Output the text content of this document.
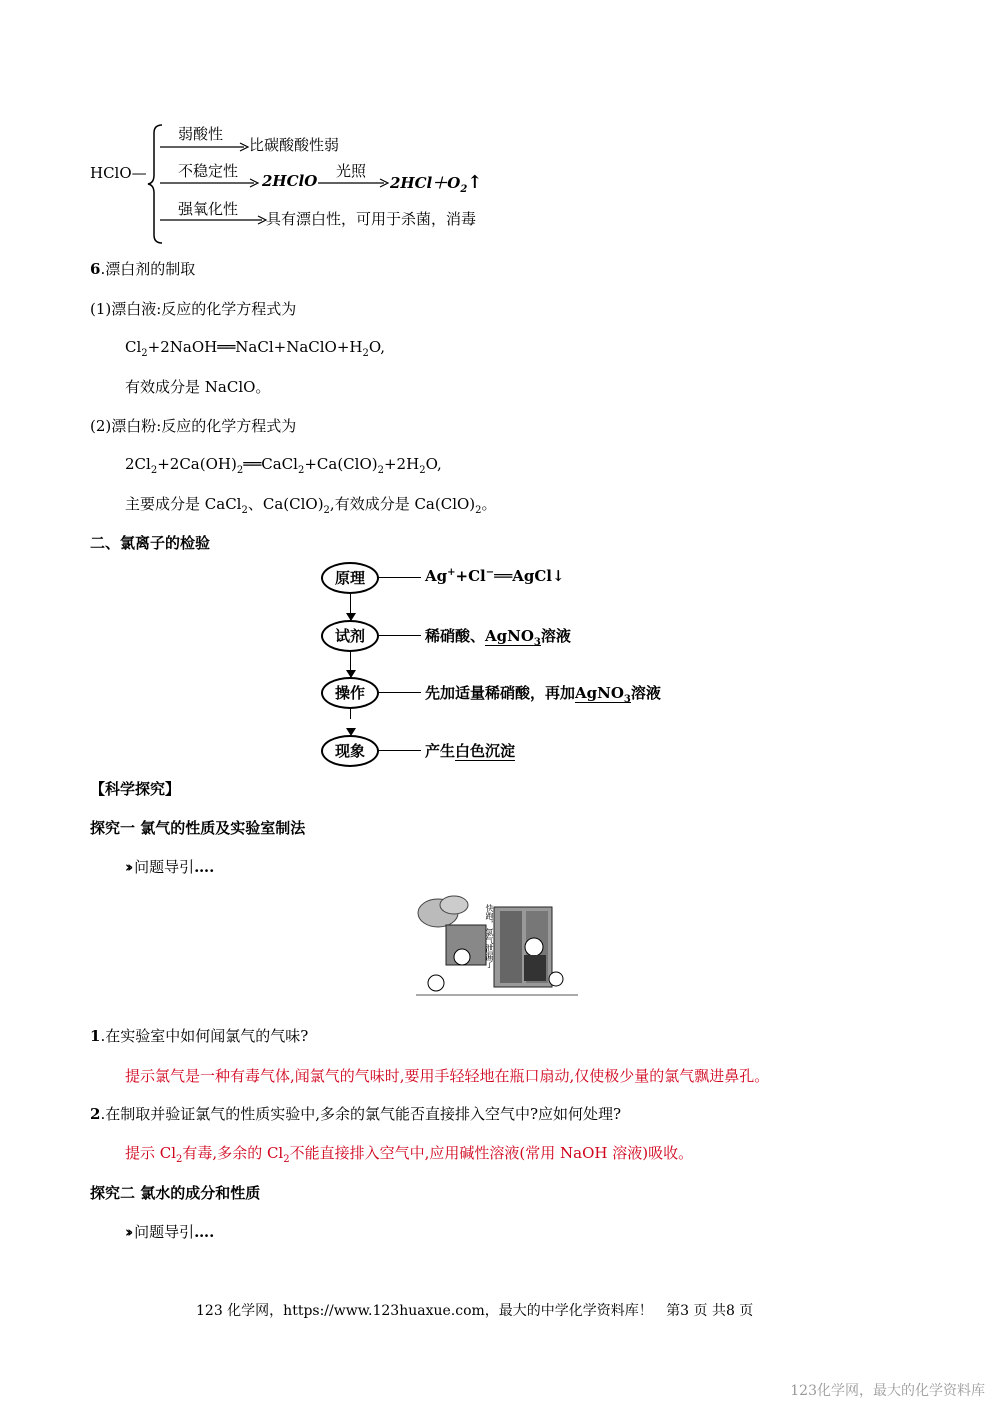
HClO—
弱酸性
比碳酸酸性弱
不稳定性
2HClO
光照
$2HCl+O_2↑$
强氧化性
具有漂白性，可用于杀菌，消毒
6.漂白剂的制取
(1)漂白液:反应的化学方程式为
$Cl_2+2NaOH══NaCl+NaClO+H_2O$,
有效成分是 NaClO。
(2)漂白粉:反应的化学方程式为
$2Cl_2+2Ca(OH)_2══CaCl_2+Ca(ClO)_2+2H_2O$,
主要成分是 CaCl$_2$、$Ca(ClO)_2$,有效成分是 $Ca(ClO)_2$。
二、氯离子的检验
原理	Ag++Cl−══AgCl↓
试剂	稀硝酸、AgNO$_3$溶液
操作	先加适量稀硝酸，再加AgNO$_3$溶液
现象	产生白色沉淀
【科学探究】
探究一 氯气的性质及实验室制法
›› 问题导引….
快跑，氯气泄漏了
1.在实验室中如何闻氯气的气味?
提示氯气是一种有毒气体,闻氯气的气味时,要用手轻轻地在瓶口扇动,仅使极少量的氯气飘进鼻孔。
2.在制取并验证氯气的性质实验中,多余的氯气能否直接排入空气中?应如何处理?
提示 $Cl_2$有毒,多余的 $Cl_2$不能直接排入空气中,应用碱性溶液(常用 NaOH 溶液)吸收。
探究二 氯水的成分和性质
›› 问题导引….
123 化学网，https://www.123huaxue.com，最大的中学化学资料库！ 第3 页 共8 页
123化学网，最大的化学资料库
